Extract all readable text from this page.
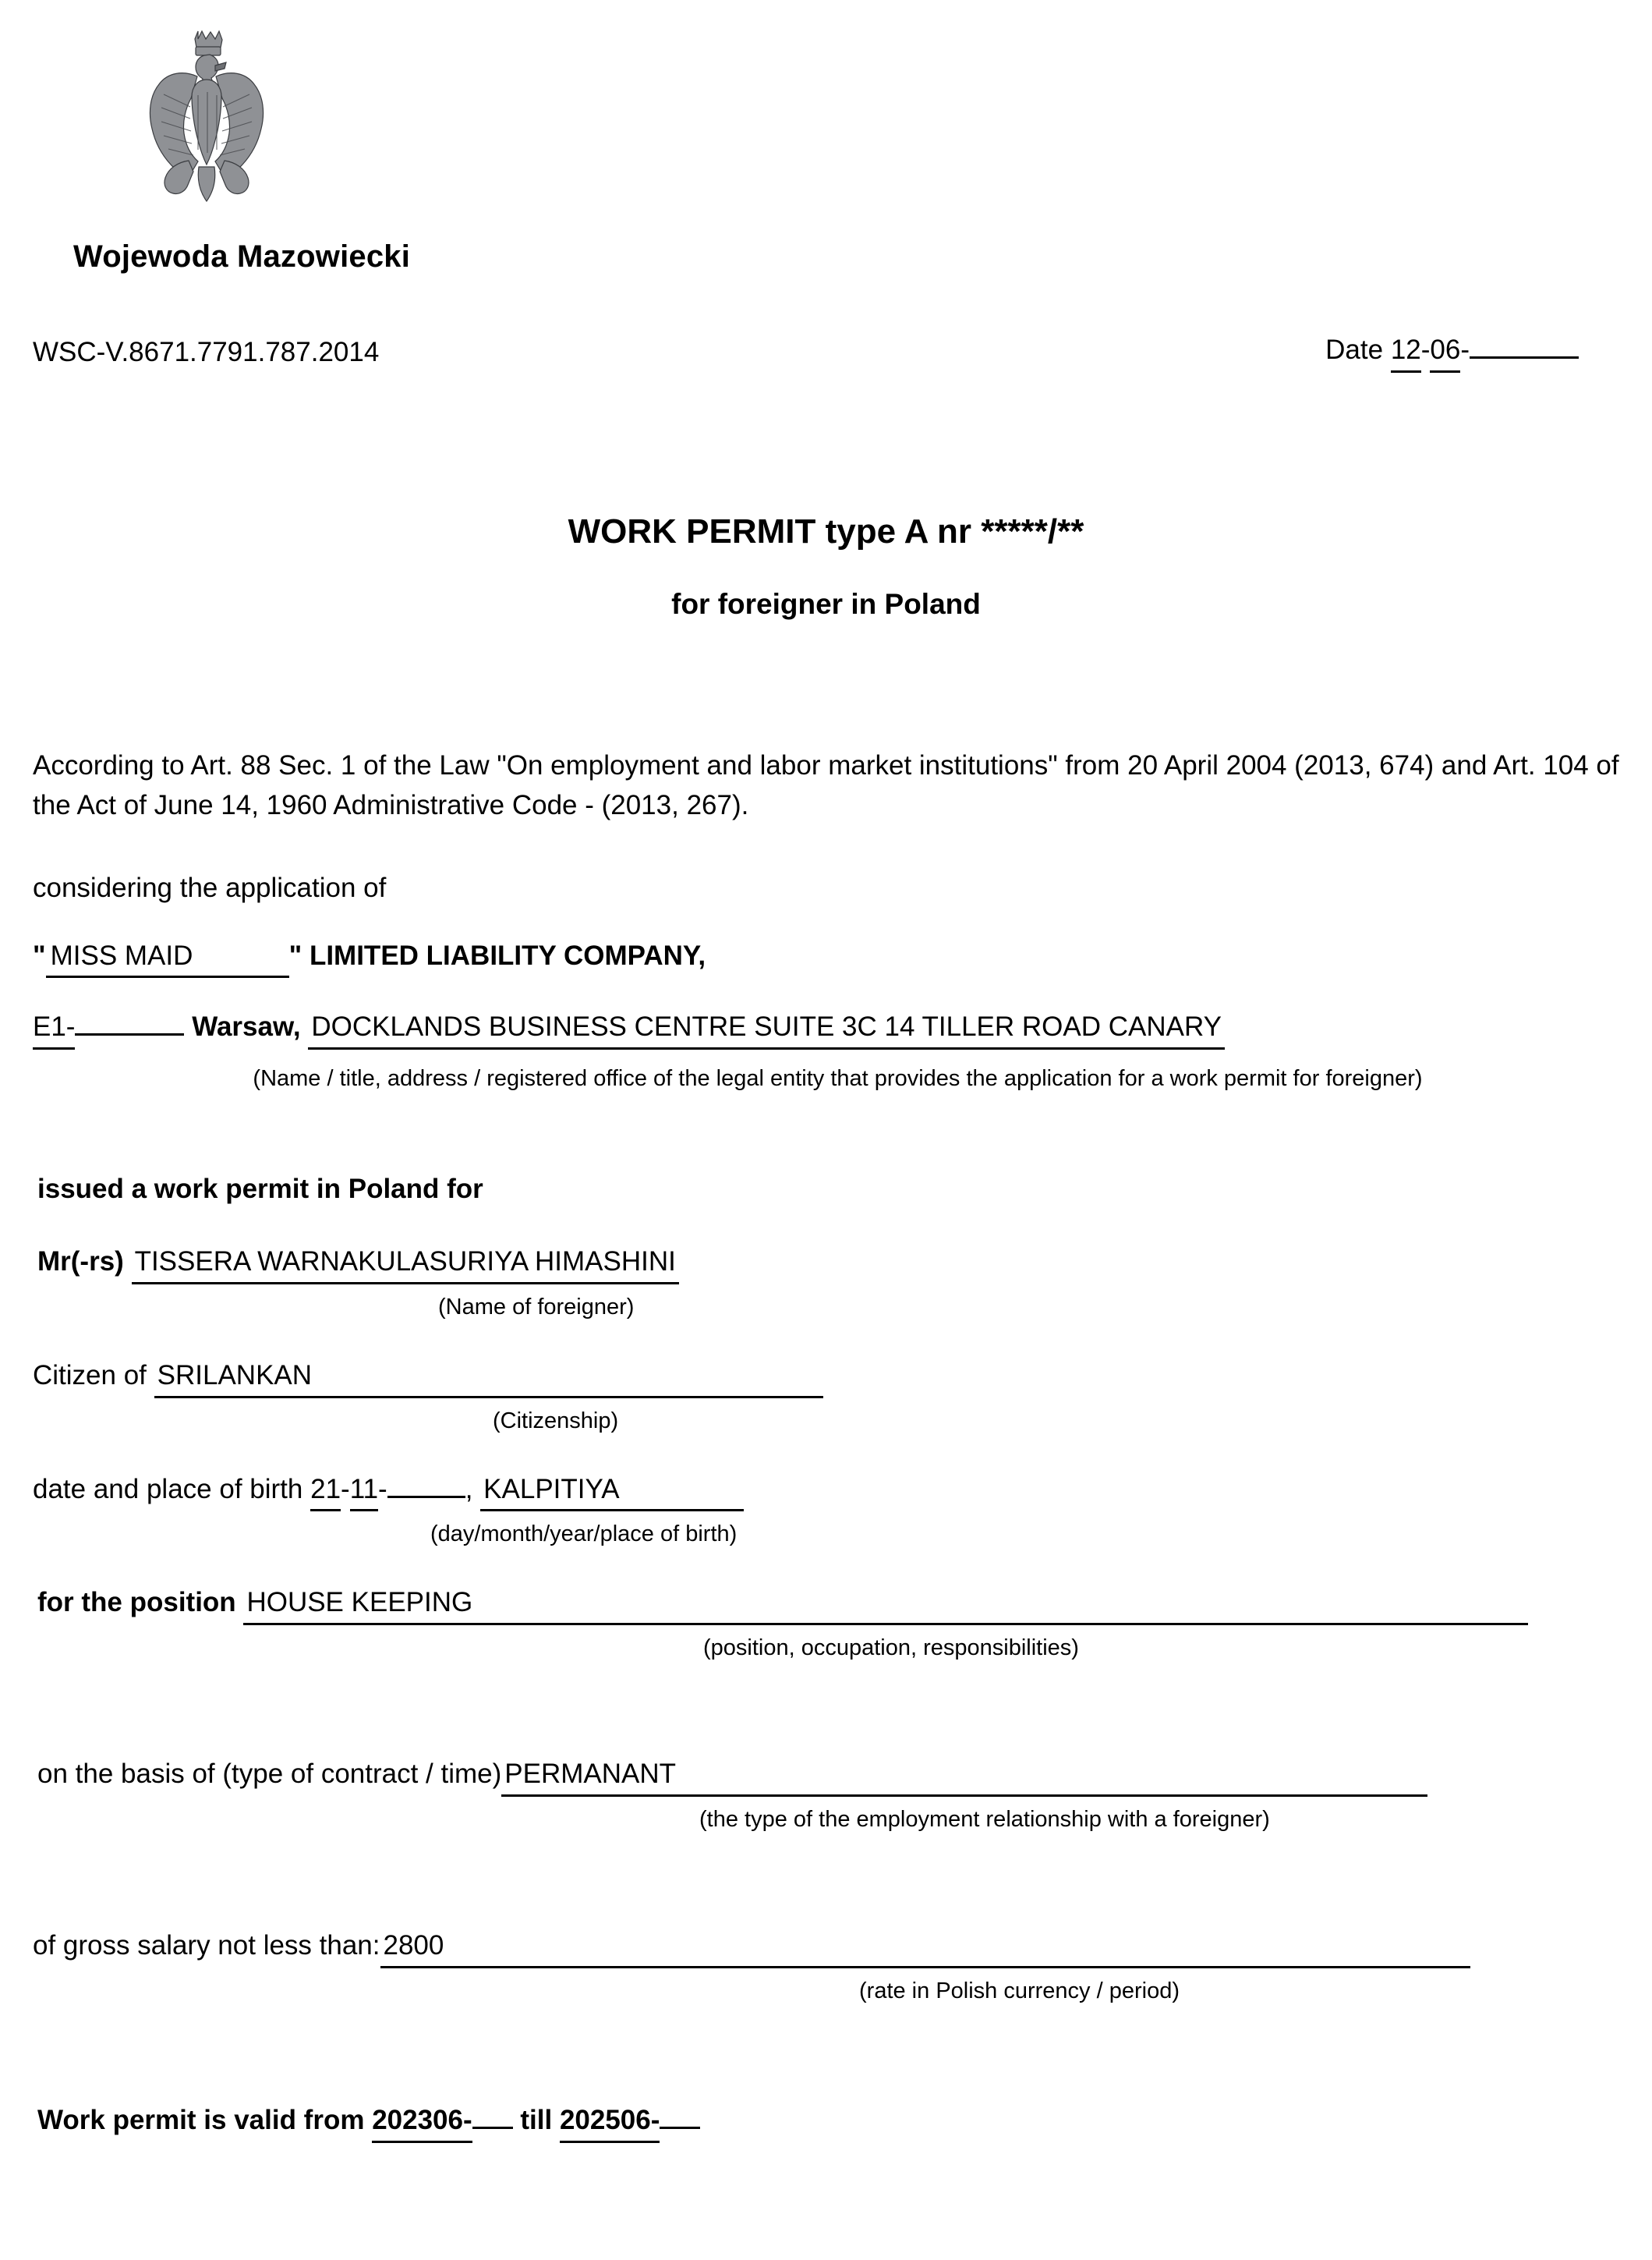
Wojewoda Mazowiecki
WSC-V.8671.7791.787.2014	Date 12-06-
WORK PERMIT type A nr *****/**
for foreigner in Poland
According to Art. 88 Sec. 1 of the Law "On employment and labor market institutions" from 20 April 2004 (2013, 674) and Art. 104 of the Act of June 14, 1960 Administrative Code - (2013, 267).
considering the application of
" MISS MAID	" LIMITED LIABILITY COMPANY,
E1-	Warsaw, DOCKLANDS BUSINESS CENTRE SUITE 3C 14 TILLER ROAD CANARY
(Name / title, address / registered office of the legal entity that provides the application for a work permit for foreigner)
issued a work permit in Poland for
Mr(-rs) TISSERA WARNAKULASURIYA HIMASHINI
(Name of foreigner)
Citizen of SRILANKAN
(Citizenship)
date and place of birth 21-11-	, KALPITIYA
(day/month/year/place of birth)
for the position HOUSE KEEPING
(position, occupation, responsibilities)
on the basis of (type of contract / time) PERMANANT
(the type of the employment relationship with a foreigner)
of gross salary not less than: 2800
(rate in Polish currency / period)
Work permit is valid from 202306- till 202506-
